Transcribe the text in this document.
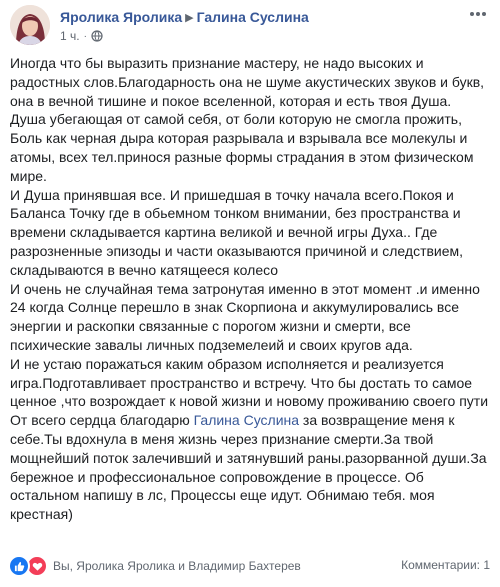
Яролика Яролика ▶ Галина Суслина
1 ч. ·

Иногда что бы выразить признание мастеру, не надо высоких и радостных слов.Благодарность она не шуме акустических звуков и букв, она в вечной тишине и покое вселенной, которая и есть твоя Душа. Душа убегающая от самой себя, от боли которую не смогла прожить, Боль как черная дыра которая разрывала и взрывала все молекулы и атомы, всех тел.принося разные формы страдания в этом физическом мире.

И Душа принявшая все. И пришедшая в точку начала всего.Покоя и Баланса Точку где в обьемном тонком внимании, без пространства и времени складывается картина великой и вечной игры Духа.. Где разрозненные эпизоды и части оказываются причиной и следствием, складываются в вечно катящееся колесо

И очень не случайная тема затронутая именно в этот момент .и именно 24 когда Солнце перешло в знак Скорпиона и аккумулировались все энергии и раскопки связанные с порогом жизни и смерти, все психические завалы личных подземелеий и своих кругов ада.

И не устаю поражаться каким образом исполняется и реализуется игра.Подготавливает пространство и встречу. Что бы достать то самое ценное ,что возрождает к новой жизни и новому проживанию своего пути

От всего сердца благодарю Галина Суслина за возвращение меня к себе.Ты вдохнула в меня жизнь через признание смерти.За твой мощнейший поток залечивший и затянувший раны.разорванной души.За бережное и профессиональное сопровождение в процессе. Об остальном напишу в лс, Процессы еще идут. Обнимаю тебя. моя крестная)

Вы, Яролика Яролика и Владимир Бахтерев	Комментарии: 1
